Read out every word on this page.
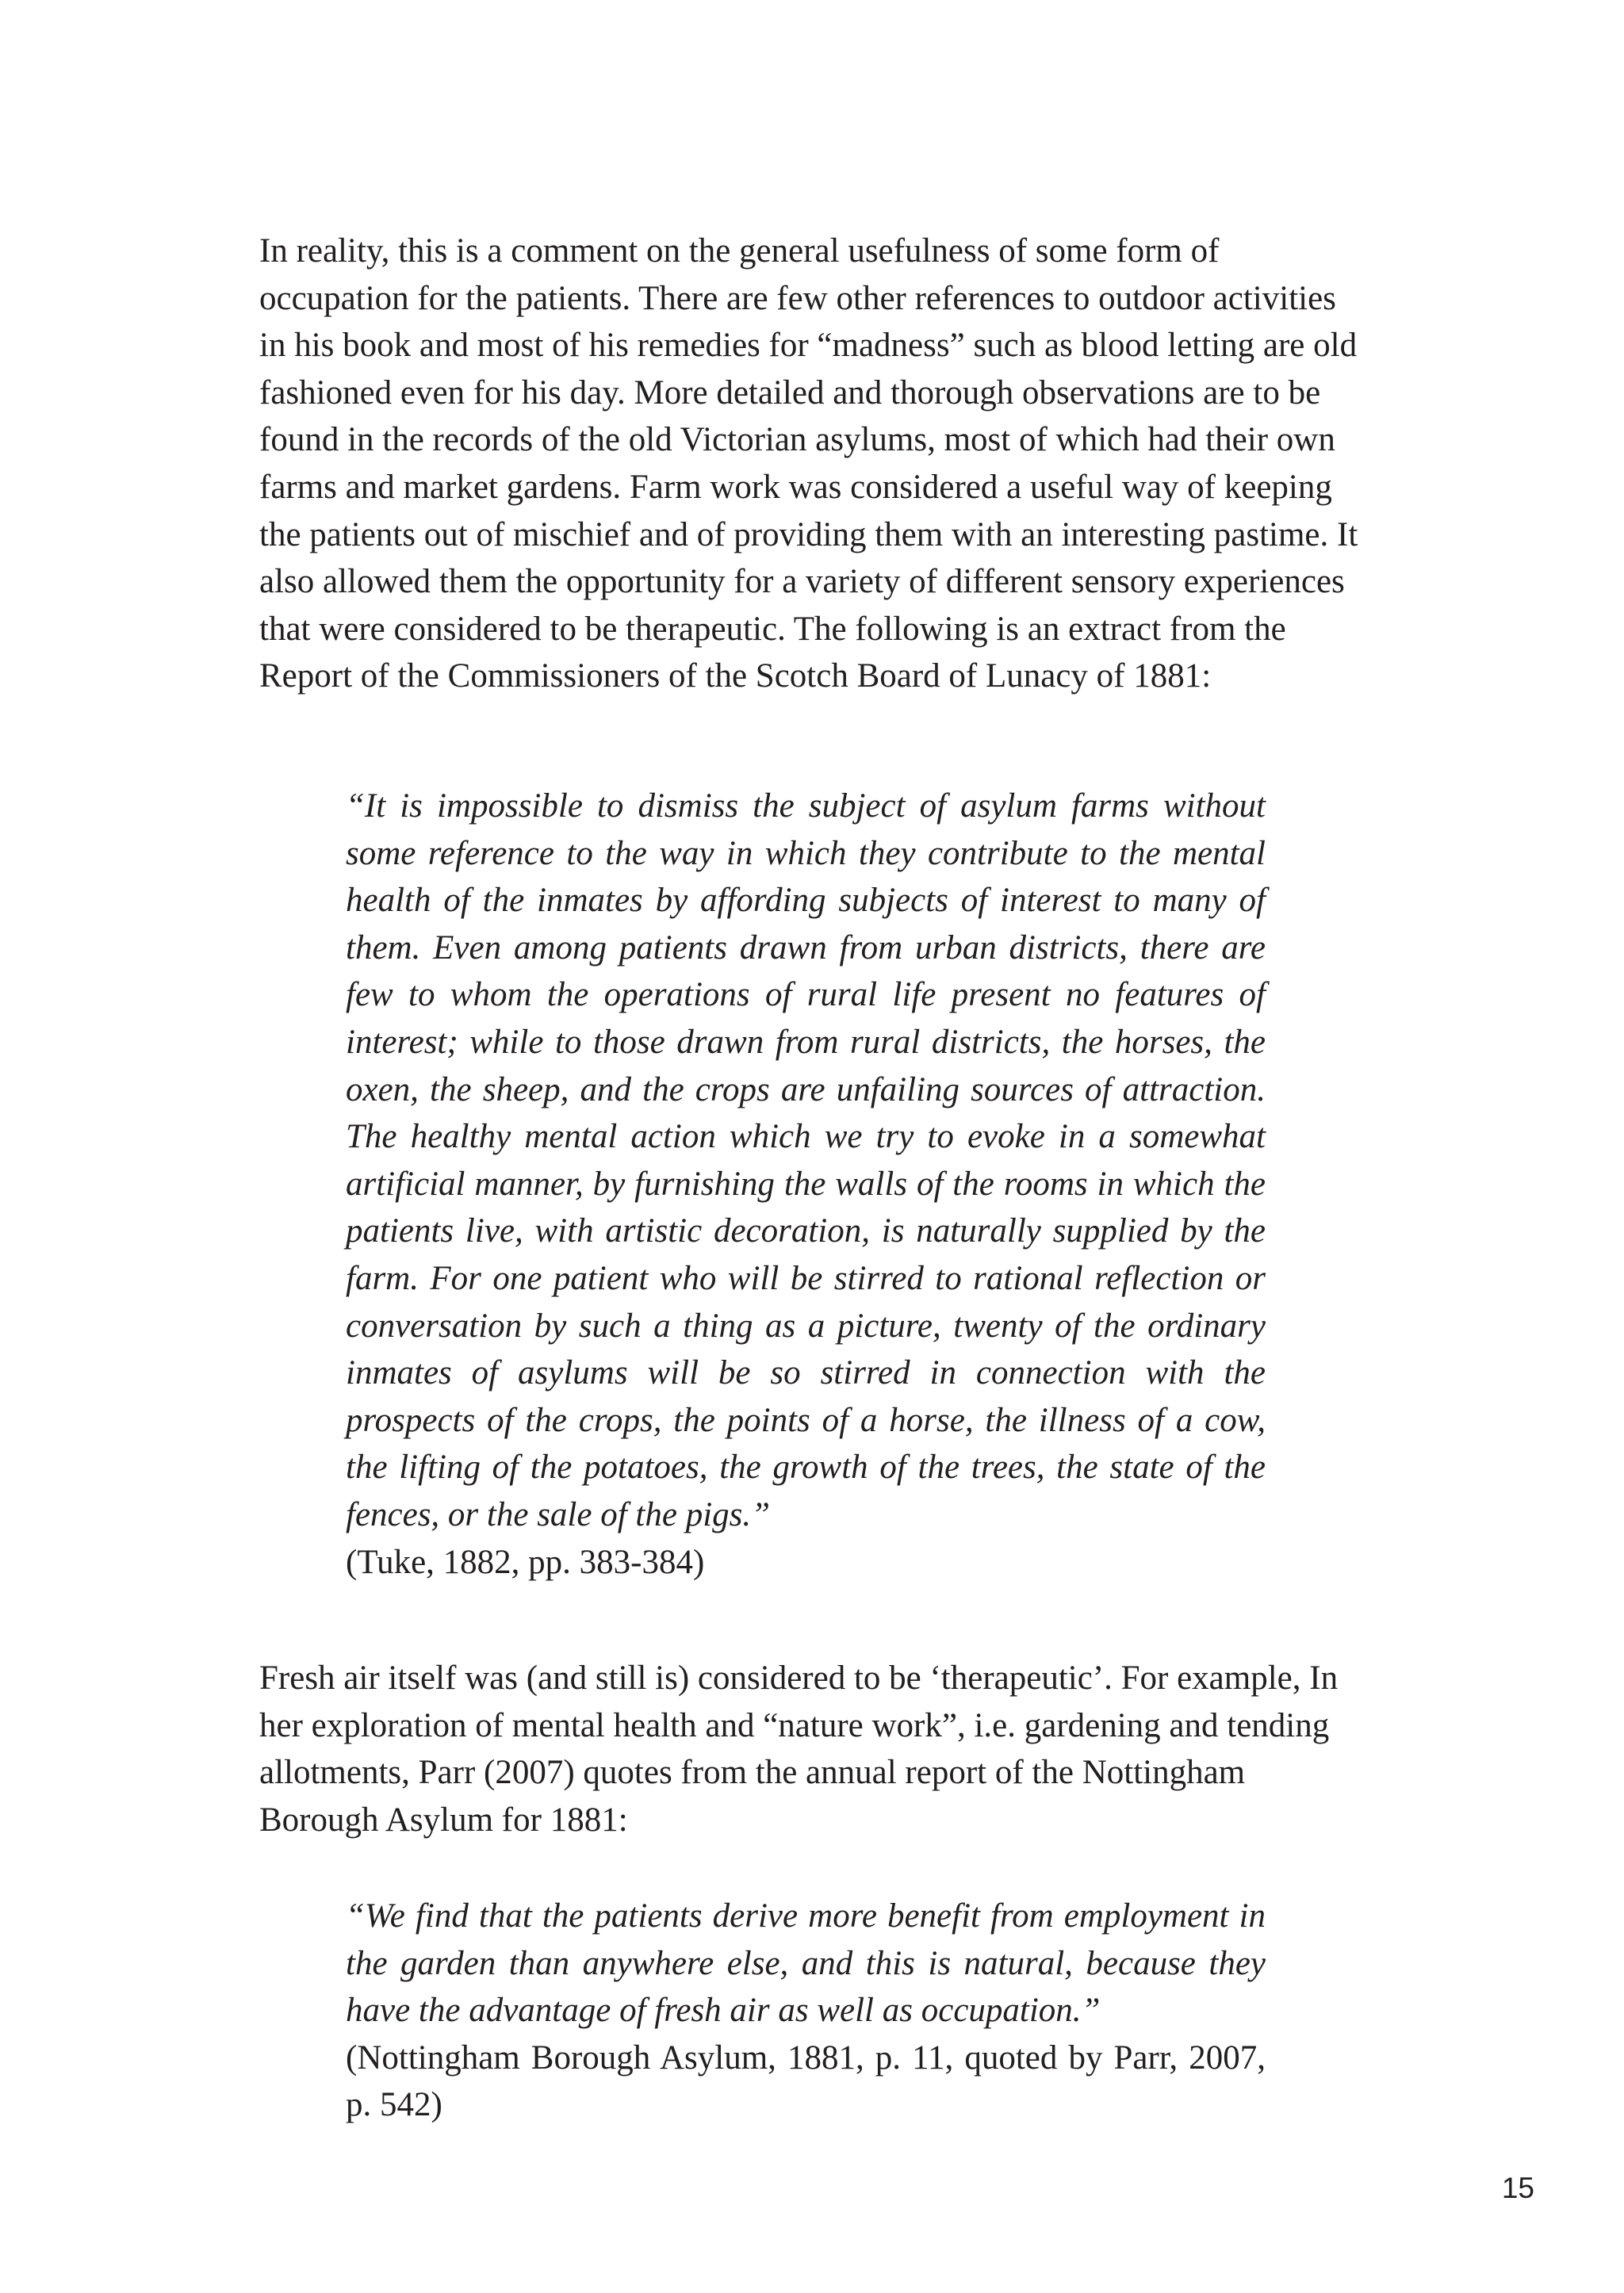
In reality, this is a comment on the general usefulness of some form of occupation for the patients. There are few other references to outdoor activities in his book and most of his remedies for “madness” such as blood letting are old fashioned even for his day. More detailed and thorough observations are to be found in the records of the old Victorian asylums, most of which had their own farms and market gardens. Farm work was considered a useful way of keeping the patients out of mischief and of providing them with an interesting pastime. It also allowed them the opportunity for a variety of different sensory experiences that were considered to be therapeutic. The following is an extract from the Report of the Commissioners of the Scotch Board of Lunacy of 1881:

“It is impossible to dismiss the subject of asylum farms without some reference to the way in which they contribute to the mental health of the inmates by affording subjects of interest to many of them. Even among patients drawn from urban districts, there are few to whom the operations of rural life present no features of interest; while to those drawn from rural districts, the horses, the oxen, the sheep, and the crops are unfailing sources of attraction. The healthy mental action which we try to evoke in a somewhat artificial manner, by furnishing the walls of the rooms in which the patients live, with artistic decoration, is naturally supplied by the farm. For one patient who will be stirred to rational reflection or conversation by such a thing as a picture, twenty of the ordinary inmates of asylums will be so stirred in connection with the prospects of the crops, the points of a horse, the illness of a cow, the lifting of the potatoes, the growth of the trees, the state of the fences, or the sale of the pigs.”
(Tuke, 1882, pp. 383-384)

Fresh air itself was (and still is) considered to be ‘therapeutic’. For example, In her exploration of mental health and “nature work”, i.e. gardening and tending allotments, Parr (2007) quotes from the annual report of the Nottingham Borough Asylum for 1881:

“We find that the patients derive more benefit from employment in the garden than anywhere else, and this is natural, because they have the advantage of fresh air as well as occupation.”
(Nottingham Borough Asylum, 1881, p. 11, quoted by Parr, 2007, p. 542)
15
